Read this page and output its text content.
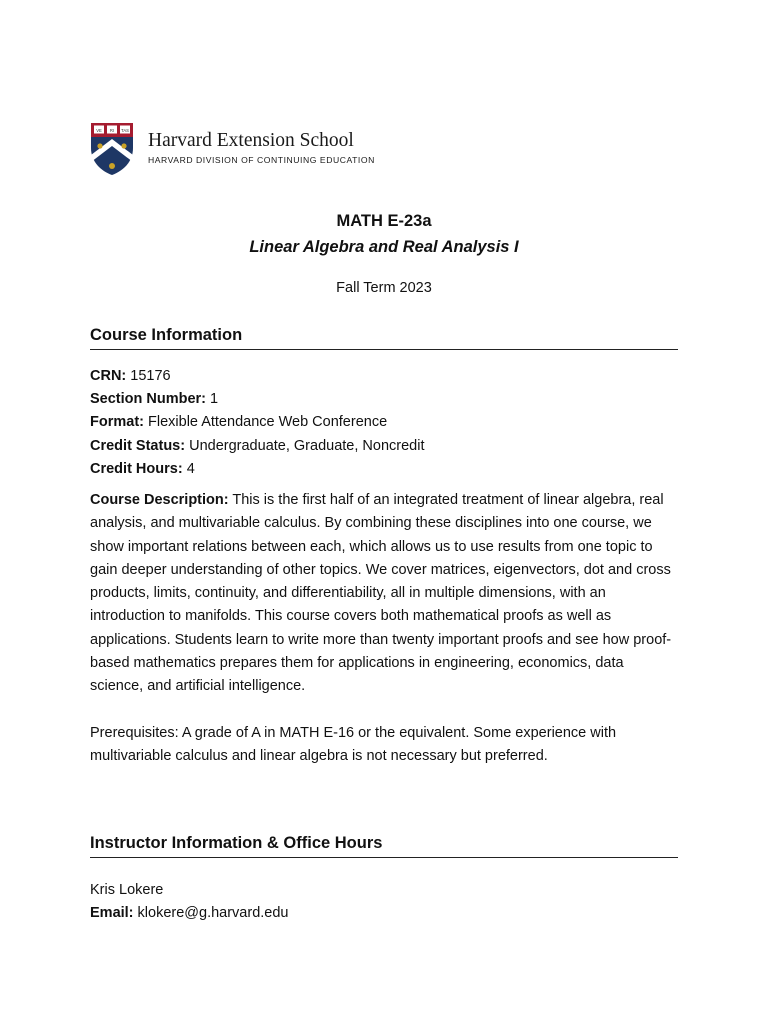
VE RI TAS Harvard Extension School
HARVARD DIVISION OF CONTINUING EDUCATION
MATH E-23a
Linear Algebra and Real Analysis I
Fall Term 2023
Course Information
CRN: 15176
Section Number: 1
Format: Flexible Attendance Web Conference
Credit Status: Undergraduate, Graduate, Noncredit
Credit Hours: 4
Course Description: This is the first half of an integrated treatment of linear algebra, real analysis, and multivariable calculus. By combining these disciplines into one course, we show important relations between each, which allows us to use results from one topic to gain deeper understanding of other topics. We cover matrices, eigenvectors, dot and cross products, limits, continuity, and differentiability, all in multiple dimensions, with an introduction to manifolds. This course covers both mathematical proofs as well as applications. Students learn to write more than twenty important proofs and see how proof-based mathematics prepares them for applications in engineering, economics, data science, and artificial intelligence.
Prerequisites: A grade of A in MATH E-16 or the equivalent. Some experience with multivariable calculus and linear algebra is not necessary but preferred.
Instructor Information & Office Hours
Kris Lokere
Email: klokere@g.harvard.edu
